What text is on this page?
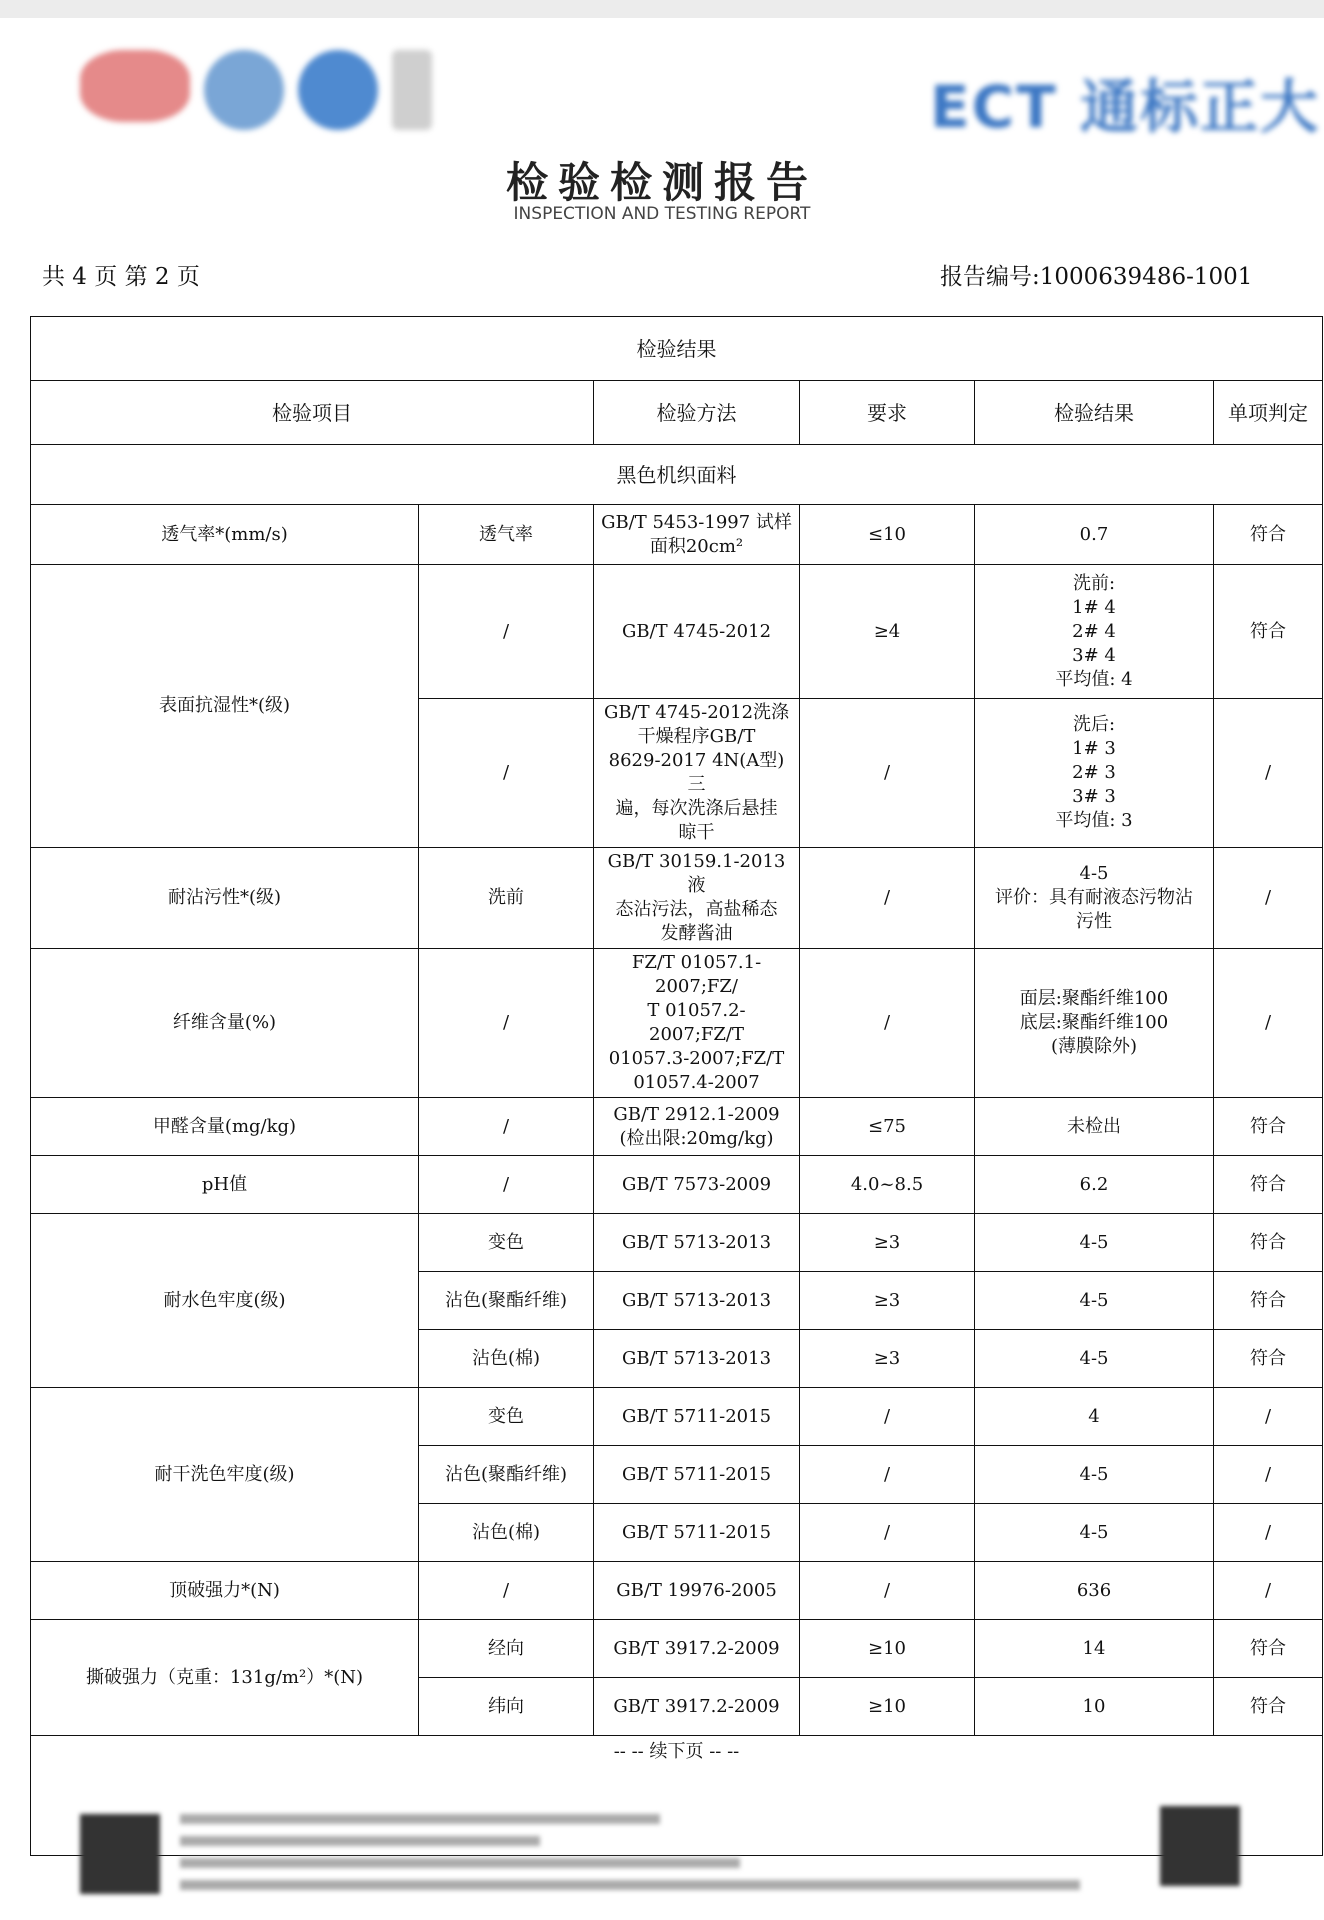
ECT 通标正大
检验检测报告
INSPECTION AND TESTING REPORT
共 4 页 第 2 页	报告编号:1000639486-1001
检验结果					
检验项目		检验方法	要求	检验结果	单项判定
黑色机织面料					
透气率*(mm/s)	透气率	GB/T 5453-1997 试样
面积20cm²	≤10	0.7	符合
表面抗湿性*(级)	/	GB/T 4745-2012	≥4	洗前:
1# 4
2# 4
3# 4
平均值: 4	符合
	/	GB/T 4745-2012洗涤
干燥程序GB/T
8629-2017 4N(A型)三
遍，每次洗涤后悬挂
晾干	/	洗后:
1# 3
2# 3
3# 3
平均值: 3	/
耐沾污性*(级)	洗前	GB/T 30159.1-2013 液
态沾污法，高盐稀态
发酵酱油	/	4-5
评价：具有耐液态污物沾
污性	/
纤维含量(%)	/	FZ/T 01057.1-2007;FZ/
T 01057.2-2007;FZ/T
01057.3-2007;FZ/T
01057.4-2007	/	面层:聚酯纤维100
底层:聚酯纤维100
(薄膜除外)	/
甲醛含量(mg/kg)	/	GB/T 2912.1-2009
(检出限:20mg/kg)	≤75	未检出	符合
pH值	/	GB/T 7573-2009	4.0~8.5	6.2	符合
耐水色牢度(级)	变色	GB/T 5713-2013	≥3	4-5	符合
	沾色(聚酯纤维)	GB/T 5713-2013	≥3	4-5	符合
	沾色(棉)	GB/T 5713-2013	≥3	4-5	符合
耐干洗色牢度(级)	变色	GB/T 5711-2015	/	4	/
	沾色(聚酯纤维)	GB/T 5711-2015	/	4-5	/
	沾色(棉)	GB/T 5711-2015	/	4-5	/
顶破强力*(N)	/	GB/T 19976-2005	/	636	/
撕破强力（克重：131g/m²）*(N)	经向	GB/T 3917.2-2009	≥10	14	符合
	纬向	GB/T 3917.2-2009	≥10	10	符合
-- -- 续下页 -- --					
